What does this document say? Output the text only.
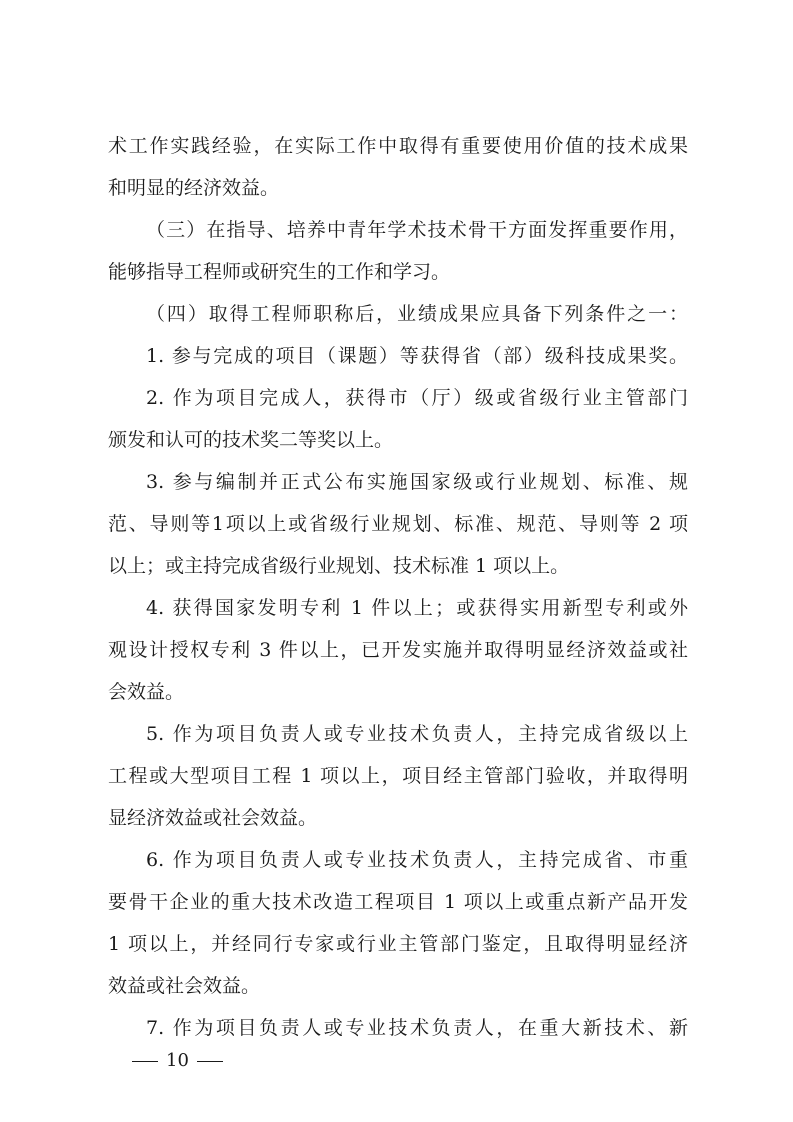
术工作实践经验，在实际工作中取得有重要使用价值的技术成果
和明显的经济效益。
（三）在指导、培养中青年学术技术骨干方面发挥重要作用，
能够指导工程师或研究生的工作和学习。
（四）取得工程师职称后，业绩成果应具备下列条件之一：
1. 参与完成的项目（课题）等获得省（部）级科技成果奖。
2. 作为项目完成人，获得市（厅）级或省级行业主管部门
颁发和认可的技术奖二等奖以上。
3. 参与编制并正式公布实施国家级或行业规划、标准、规
范、导则等1项以上或省级行业规划、标准、规范、导则等 2 项
以上；或主持完成省级行业规划、技术标准 1 项以上。
4. 获得国家发明专利 1 件以上；或获得实用新型专利或外
观设计授权专利 3 件以上，已开发实施并取得明显经济效益或社
会效益。
5. 作为项目负责人或专业技术负责人，主持完成省级以上
工程或大型项目工程 1 项以上，项目经主管部门验收，并取得明
显经济效益或社会效益。
6. 作为项目负责人或专业技术负责人，主持完成省、市重
要骨干企业的重大技术改造工程项目 1 项以上或重点新产品开发
1 项以上，并经同行专家或行业主管部门鉴定，且取得明显经济
效益或社会效益。
7. 作为项目负责人或专业技术负责人，在重大新技术、新
10
